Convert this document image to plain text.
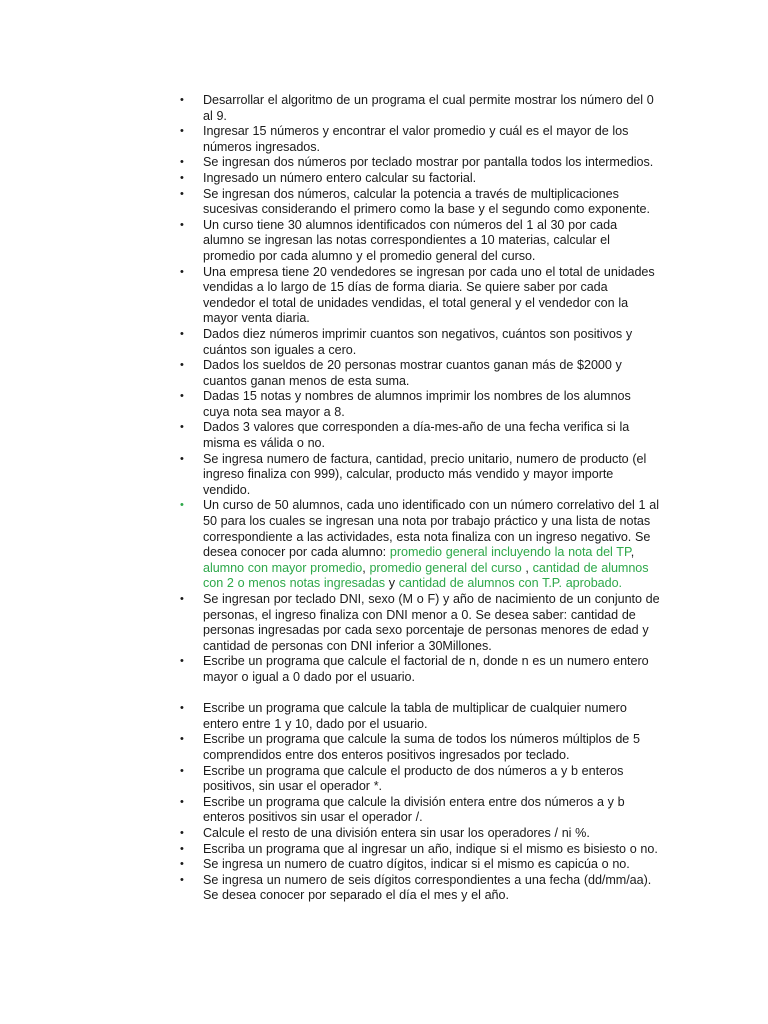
• Desarrollar el algoritmo de un programa el cual permite mostrar los número del 0 al 9.
• Ingresar 15 números y encontrar el valor promedio y cuál es el mayor de los números ingresados.
• Se ingresan dos números por teclado mostrar por pantalla todos los intermedios.
• Ingresado un número entero calcular su factorial.
• Se ingresan dos números, calcular la potencia a través de multiplicaciones sucesivas considerando el primero como la base y el segundo como exponente.
• Un curso tiene 30 alumnos identificados con números del 1 al 30 por cada alumno se ingresan las notas correspondientes a 10 materias, calcular el promedio por cada alumno y el promedio general del curso.
• Una empresa tiene 20 vendedores se ingresan por cada uno el total de unidades vendidas a lo largo de 15 días de forma diaria. Se quiere saber por cada vendedor el total de unidades vendidas, el total general y el vendedor con la mayor venta diaria.
• Dados diez números imprimir cuantos son negativos, cuántos son positivos y cuántos son iguales a cero.
• Dados los sueldos de 20 personas mostrar cuantos ganan más de $2000 y cuantos ganan menos de esta suma.
• Dadas 15 notas y nombres de alumnos imprimir los nombres de los alumnos cuya nota sea mayor a 8.
• Dados 3 valores que corresponden a día-mes-año de una fecha verifica si la misma es válida o no.
• Se ingresa numero de factura, cantidad, precio unitario, numero de producto (el ingreso finaliza con 999), calcular, producto más vendido y mayor importe vendido.
• Un curso de 50 alumnos, cada uno identificado con un número correlativo del 1 al 50 para los cuales se ingresan una nota por trabajo práctico y una lista de notas correspondiente a las actividades, esta nota finaliza con un ingreso negativo. Se desea conocer por cada alumno: promedio general incluyendo la nota del TP, alumno con mayor promedio, promedio general del curso , cantidad de alumnos con 2 o menos notas ingresadas y cantidad de alumnos con T.P. aprobado.
• Se ingresan por teclado DNI, sexo (M o F) y año de nacimiento de un conjunto de personas, el ingreso finaliza con DNI menor a 0. Se desea saber: cantidad de personas ingresadas por cada sexo porcentaje de personas menores de edad y cantidad de personas con DNI inferior a 30Millones.
• Escribe un programa que calcule el factorial de n, donde n es un numero entero mayor o igual a 0 dado por el usuario.
• Escribe un programa que calcule la tabla de multiplicar de cualquier numero entero entre 1 y 10, dado por el usuario.
• Escribe un programa que calcule la suma de todos los números múltiplos de 5 comprendidos entre dos enteros positivos ingresados por teclado.
• Escribe un programa que calcule el producto de dos números a y b enteros positivos, sin usar el operador *.
• Escribe un programa que calcule la división entera entre dos números a y b enteros positivos sin usar el operador /.
• Calcule el resto de una división entera sin usar los operadores / ni %.
• Escriba un programa que al ingresar un año, indique si el mismo es bisiesto o no.
• Se ingresa un numero de cuatro dígitos, indicar si el mismo es capicúa o no.
• Se ingresa un numero de seis dígitos correspondientes a una fecha (dd/mm/aa). Se desea conocer por separado el día el mes y el año.
